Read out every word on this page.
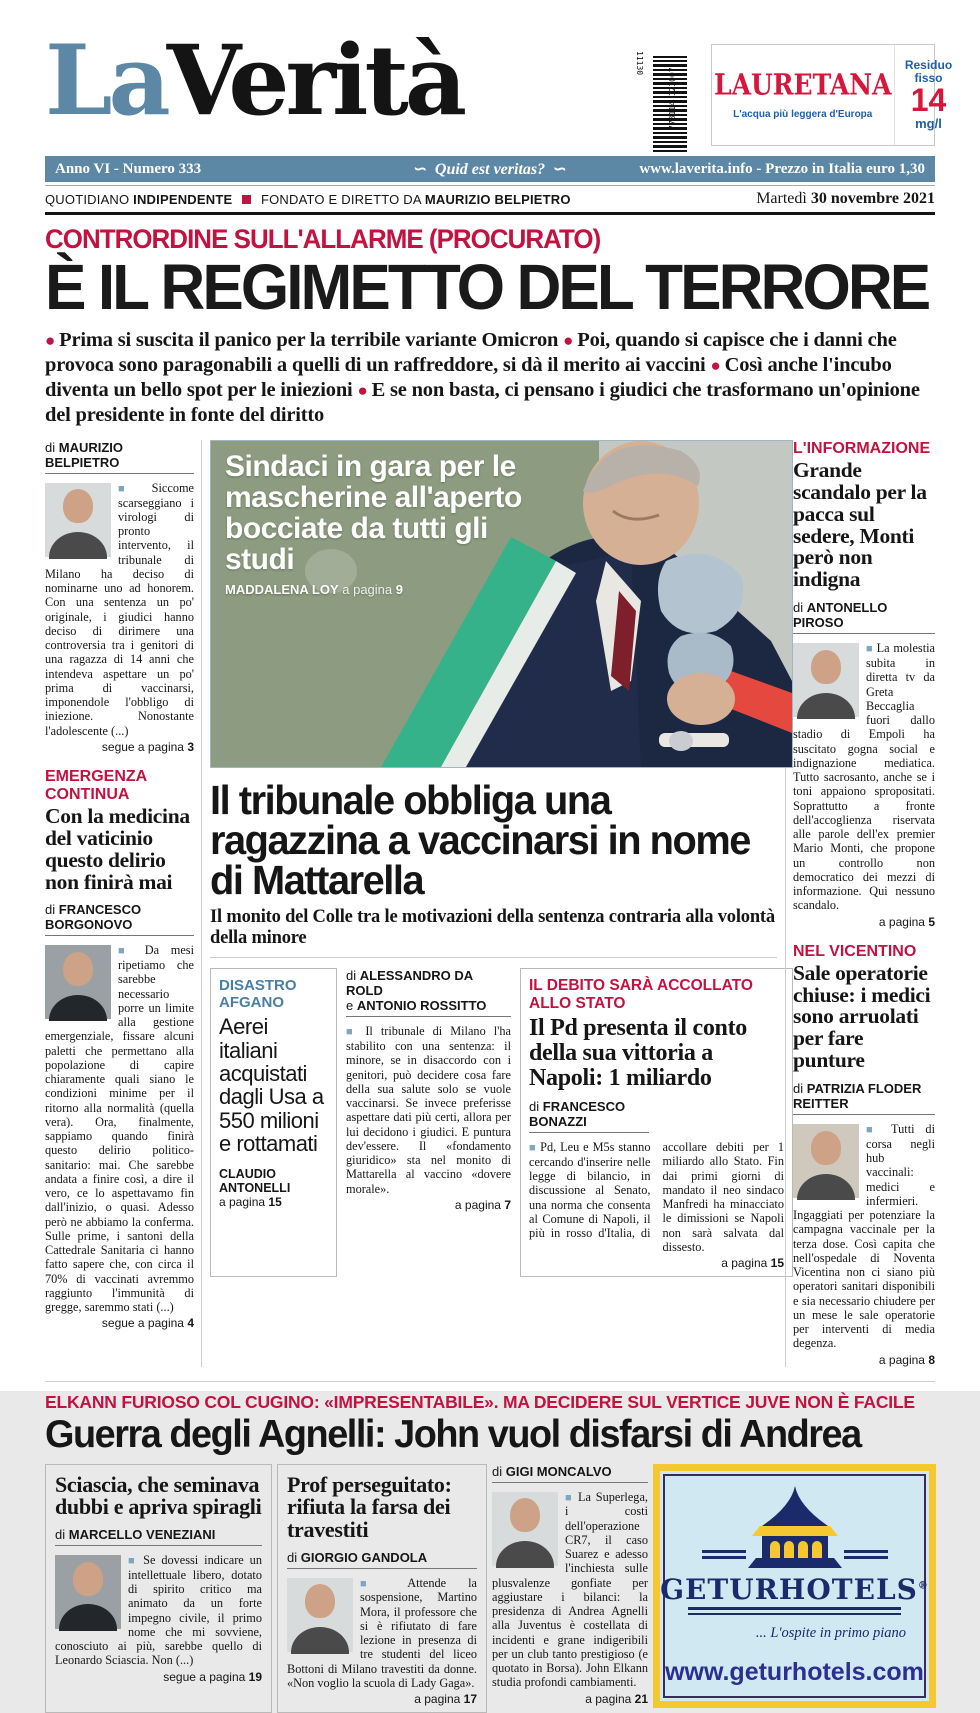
LaVerità	11130
778114 123007 LAURETANA
L'acqua più leggera d'Europa
Residuo
fisso
14
mg/l
Anno VI - Numero 333	∽  Quid est veritas?  ∽	www.laverita.info - Prezzo in Italia euro 1,30
QUOTIDIANO INDIPENDENTE FONDATO E DIRETTO DA MAURIZIO BELPIETRO	Martedì 30 novembre 2021
CONTRORDINE SULL'ALLARME (PROCURATO)
È IL REGIMETTO DEL TERRORE
● Prima si suscita il panico per la terribile variante Omicron ● Poi, quando si capisce che i danni che provoca sono paragonabili a quelli di un raffreddore, si dà il merito ai vaccini ● Così anche l'incubo diventa un bello spot per le iniezioni ● E se non basta, ci pensano i giudici che trasformano un'opinione del presidente in fonte del diritto
di MAURIZIO BELPIETRO
■ Siccome scarseggiano i virologi di pronto intervento, il tribunale di Milano ha deciso di nominarne uno ad honorem. Con una sentenza un po' originale, i giudici hanno deciso di dirimere una controversia tra i genitori di una ragazza di 14 anni che intendeva aspettare un po' prima di vaccinarsi, imponendole l'obbligo di iniezione. Nonostante l'adolescente (...)
segue a pagina 3
EMERGENZA CONTINUA
Con la medicina del vaticinio questo delirio non finirà mai
di FRANCESCO BORGONOVO
■ Da mesi ripetiamo che sarebbe necessario porre un limite alla gestione emergenziale, fissare alcuni paletti che permettano alla popolazione di capire chiaramente quali siano le condizioni minime per il ritorno alla normalità (quella vera). Ora, finalmente, sappiamo quando finirà questo delirio politico-sanitario: mai. Che sarebbe andata a finire così, a dire il vero, ce lo aspettavamo fin dall'inizio, o quasi. Adesso però ne abbiamo la conferma. Sulle prime, i santoni della Cattedrale Sanitaria ci hanno fatto sapere che, con circa il 70% di vaccinati avremmo raggiunto l'immunità di gregge, saremmo stati (...)
segue a pagina 4
Sindaci in gara per le mascherine all'aperto bocciate da tutti gli studi
MADDALENA LOY a pagina 9
Il tribunale obbliga una ragazzina a vaccinarsi in nome di Mattarella
Il monito del Colle tra le motivazioni della sentenza contraria alla volontà della minore
DISASTRO AFGANO
Aerei italiani acquistati dagli Usa a 550 milioni e rottamati
CLAUDIO ANTONELLI
a pagina 15
di ALESSANDRO DA ROLD
e ANTONIO ROSSITTO
■ Il tribunale di Milano l'ha stabilito con una sentenza: il minore, se in disaccordo con i genitori, può decidere cosa fare della sua salute solo se vuole vaccinarsi. Se invece preferisse aspettare dati più certi, allora per lui decidono i giudici. E puntura dev'essere. Il «fondamento giuridico» sta nel monito di Mattarella al vaccino «dovere morale».
a pagina 7
IL DEBITO SARÀ ACCOLLATO ALLO STATO
Il Pd presenta il conto della sua vittoria a Napoli: 1 miliardo
di FRANCESCO BONAZZI
■ Pd, Leu e M5s stanno cercando d'inserire nelle legge di bilancio, in discussione al Senato, una norma che consenta al Comune di Napoli, il più in rosso d'Italia, di accollare debiti per 1 miliardo allo Stato. Fin dai primi giorni di mandato il neo sindaco Manfredi ha minacciato le dimissioni se Napoli non sarà salvata dal dissesto.
a pagina 15
L'INFORMAZIONE
Grande scandalo per la pacca sul sedere, Monti però non indigna
di ANTONELLO PIROSO
■ La molestia subita in diretta tv da Greta Beccaglia fuori dallo stadio di Empoli ha suscitato gogna social e indignazione mediatica. Tutto sacrosanto, anche se i toni appaiono spropositati. Soprattutto a fronte dell'accoglienza riservata alle parole dell'ex premier Mario Monti, che propone un controllo non democratico dei mezzi di informazione. Qui nessuno scandalo.
a pagina 5
NEL VICENTINO
Sale operatorie chiuse: i medici sono arruolati per fare punture
di PATRIZIA FLODER REITTER
■ Tutti di corsa negli hub vaccinali: medici e infermieri. Ingaggiati per potenziare la campagna vaccinale per la terza dose. Così capita che nell'ospedale di Noventa Vicentina non ci siano più operatori sanitari disponibili e sia necessario chiudere per un mese le sale operatorie per interventi di media degenza.
a pagina 8
ELKANN FURIOSO COL CUGINO: «IMPRESENTABILE». MA DECIDERE SUL VERTICE JUVE NON È FACILE
Guerra degli Agnelli: John vuol disfarsi di Andrea
Sciascia, che seminava dubbi e apriva spiragli
di MARCELLO VENEZIANI
■ Se dovessi indicare un intellettuale libero, dotato di spirito critico ma animato da un forte impegno civile, il primo nome che mi sovviene, conosciuto ai più, sarebbe quello di Leonardo Sciascia. Non (...)
segue a pagina 19
Prof perseguitato: rifiuta la farsa dei travestiti
di GIORGIO GANDOLA
■ Attende la sospensione, Martino Mora, il professore che si è rifiutato di fare lezione in presenza di tre studenti del liceo Bottoni di Milano travestiti da donne. «Non voglio la scuola di Lady Gaga».
a pagina 17
di GIGI MONCALVO
■ La Superlega, i costi dell'operazione CR7, il caso Suarez e adesso l'inchiesta sulle plusvalenze gonfiate per aggiustare i bilanci: la presidenza di Andrea Agnelli alla Juventus è costellata di incidenti e grane indigeribili per un club tanto prestigioso (e quotato in Borsa). John Elkann studia profondi cambiamenti.
a pagina 21
GETURHOTELS®
... L'ospite in primo piano
www.geturhotels.com
